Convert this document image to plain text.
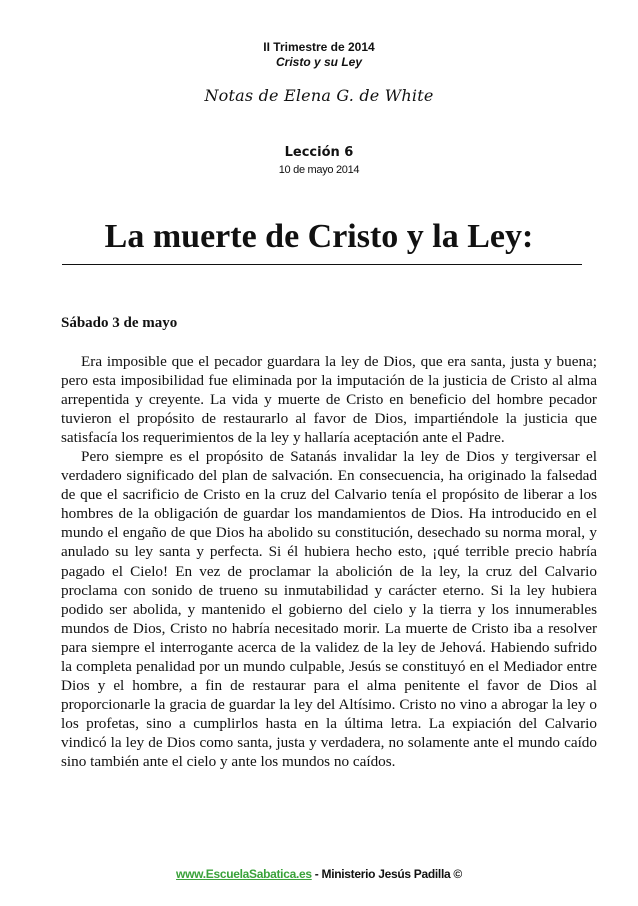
II Trimestre de 2014
Cristo y su Ley
Notas de Elena G. de White
Lección 6
10 de mayo 2014
La muerte de Cristo y la Ley:
Sábado 3 de mayo

Era imposible que el pecador guardara la ley de Dios, que era santa, justa y buena; pero esta imposibilidad fue eliminada por la imputación de la justicia de Cristo al alma arrepentida y creyente. La vida y muerte de Cristo en beneficio del hombre pecador tuvieron el propósito de restaurarlo al favor de Dios, impartiéndole la justicia que satisfacía los requerimientos de la ley y hallaría aceptación ante el Padre.

Pero siempre es el propósito de Satanás invalidar la ley de Dios y tergiversar el verdadero significado del plan de salvación. En consecuencia, ha originado la falsedad de que el sacrificio de Cristo en la cruz del Calvario tenía el propósito de liberar a los hombres de la obligación de guardar los mandamientos de Dios. Ha introducido en el mundo el engaño de que Dios ha abolido su constitución, desechado su norma moral, y anulado su ley santa y perfecta. Si él hubiera hecho esto, ¡qué terrible precio habría pagado el Cielo! En vez de proclamar la abolición de la ley, la cruz del Calvario proclama con sonido de trueno su inmutabilidad y carácter eterno. Si la ley hubiera podido ser abolida, y mantenido el gobierno del cielo y la tierra y los innumerables mundos de Dios, Cristo no habría necesitado morir. La muerte de Cristo iba a resolver para siempre el interrogante acerca de la validez de la ley de Jehová. Habiendo sufrido la completa penalidad por un mundo culpable, Jesús se constituyó en el Mediador entre Dios y el hombre, a fin de restaurar para el alma penitente el favor de Dios al proporcionarle la gracia de guardar la ley del Altísimo. Cristo no vino a abrogar la ley o los profetas, sino a cumplirlos hasta en la última letra. La expiación del Calvario vindicó la ley de Dios como santa, justa y verdadera, no solamente ante el mundo caído sino también ante el cielo y ante los mundos no caídos.

www.EscuelaSabatica.es - Ministerio Jesús Padilla ©
